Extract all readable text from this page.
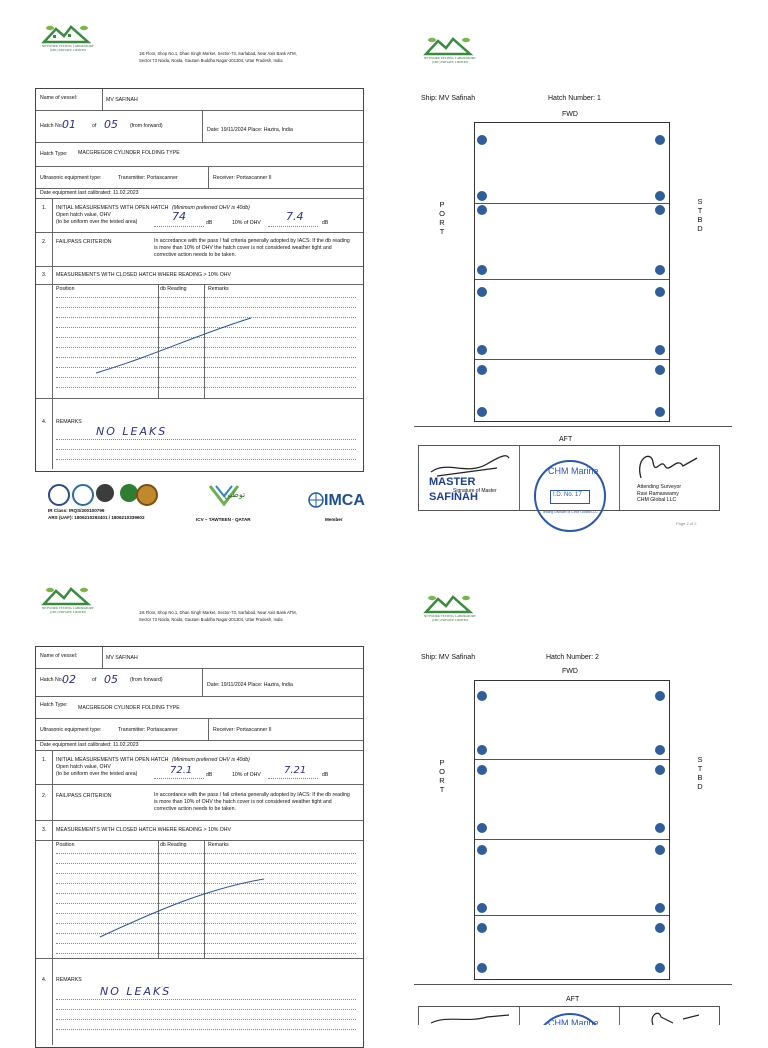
NETWORK TESTING LABORATORY (OPC) PRIVATE LIMITED
1st Floor, Shop No.1, Dhan Singh Market, Sector-73, Sarfabad, Near Axis Bank ATM,
Sector 73 Noida, Noida, Gautam Buddha Nagar-201304, Uttar Pradesh, India
Name of vessel:	MV SAFINAH
Hatch No.:
01	of 05 (from forward)
Date: 19/11/2024 Place: Hazira, India
Hatch Type: MACGREGOR CYLINDER FOLDING TYPE
Ultrasonic equipment type:	Transmitter: Portascanner	Receiver: Portascanner II
Date equipment last calibrated: 11.02.2023
1. INITIAL MEASUREMENTS WITH OPEN HATCH (Minimum preferred OHV is 40db)
Open hatch value, OHV
(to be uniform over the tested area)	74	dB	10% of OHV 7.4	dB
2. FAIL/PASS CRITERION	In accordance with the pass / fail criteria generally adopted by IACS: If the db reading is more than 10% of OHV the hatch cover is not considered weather tight and corrective action needs to be taken.
3. MEASUREMENTS WITH CLOSED HATCH WHERE READING > 10% OHV
Position	db Reading	Remarks
4. REMARKS
NO LEAKS
IR Class: IRQS/200100799
ARS (UAF): 1806210293401 / 1806210339602
توطين
ICV – TAWTEEN - QATAR
IMCA
Member
NETWORK TESTING LABORATORY (OPC) PRIVATE LIMITED
Ship: MV Safinah	Hatch Number: 1
FWD
P
O
R
T
S
T
B
D
AFT
MASTER
SAFINAH
Signature of Master
CHM Marine
I.D. No. 17
Testing Division of CHM Global LLC
Attending Surveyor
Ravi Ramaswamy
CHM Global LLC
Page 2 of 2
NETWORK TESTING LABORATORY (OPC) PRIVATE LIMITED	1st Floor, Shop No.1, Dhan Singh Market, Sector-73, Sarfabad, Near Axis Bank ATM,
Sector 73 Noida, Noida, Gautam Buddha Nagar-201304, Uttar Pradesh, India
Name of vessel:	MV SAFINAH
Hatch No.:
02	of 05 (from forward)
Date: 19/11/2024 Place: Hazira, India
Hatch Type: MACGREGOR CYLINDER FOLDING TYPE
Ultrasonic equipment type:	Transmitter: Portascanner	Receiver: Portascanner II
Date equipment last calibrated: 11.02.2023
1. INITIAL MEASUREMENTS WITH OPEN HATCH (Minimum preferred OHV is 40db)
Open hatch value, OHV
(to be uniform over the tested area)	72.1	dB	10% of OHV 7.21	dB
2. FAIL/PASS CRITERION	In accordance with the pass / fail criteria generally adopted by IACS: If the db reading is more than 10% of OHV the hatch cover is not considered weather tight and corrective action needs to be taken.
3. MEASUREMENTS WITH CLOSED HATCH WHERE READING > 10% OHV
Position	db Reading	Remarks
4. REMARKS
NO LEAKS
NETWORK TESTING LABORATORY (OPC) PRIVATE LIMITED
Ship: MV Safinah	Hatch Number: 2
FWD
P
O
R
T
S
T
B
D
AFT
CHM Marine
